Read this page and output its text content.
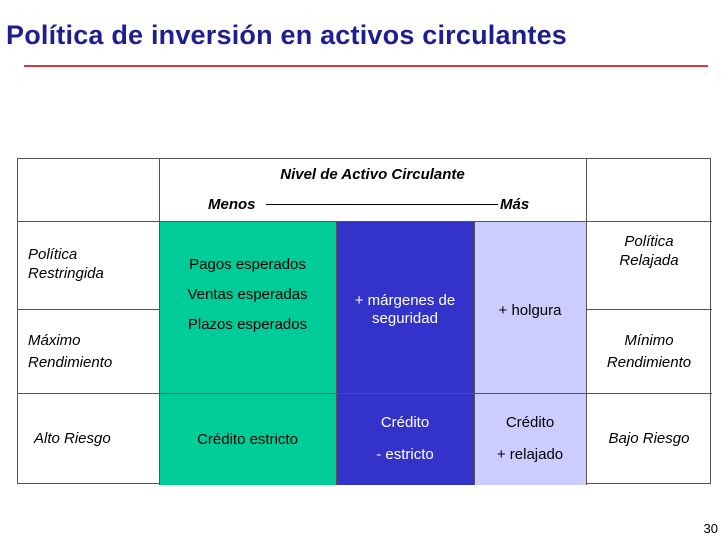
Política de inversión en activos circulantes
Nivel de Activo Circulante
Menos	Más
Política
Restringida
Máximo
Rendimiento
Alto Riesgo
Pagos esperados
Ventas esperadas
Plazos esperados
Crédito estricto
+ márgenes de
seguridad
Crédito
- estricto
+ holgura
Crédito
+ relajado
Política
Relajada
Mínimo
Rendimiento
Bajo Riesgo
30
